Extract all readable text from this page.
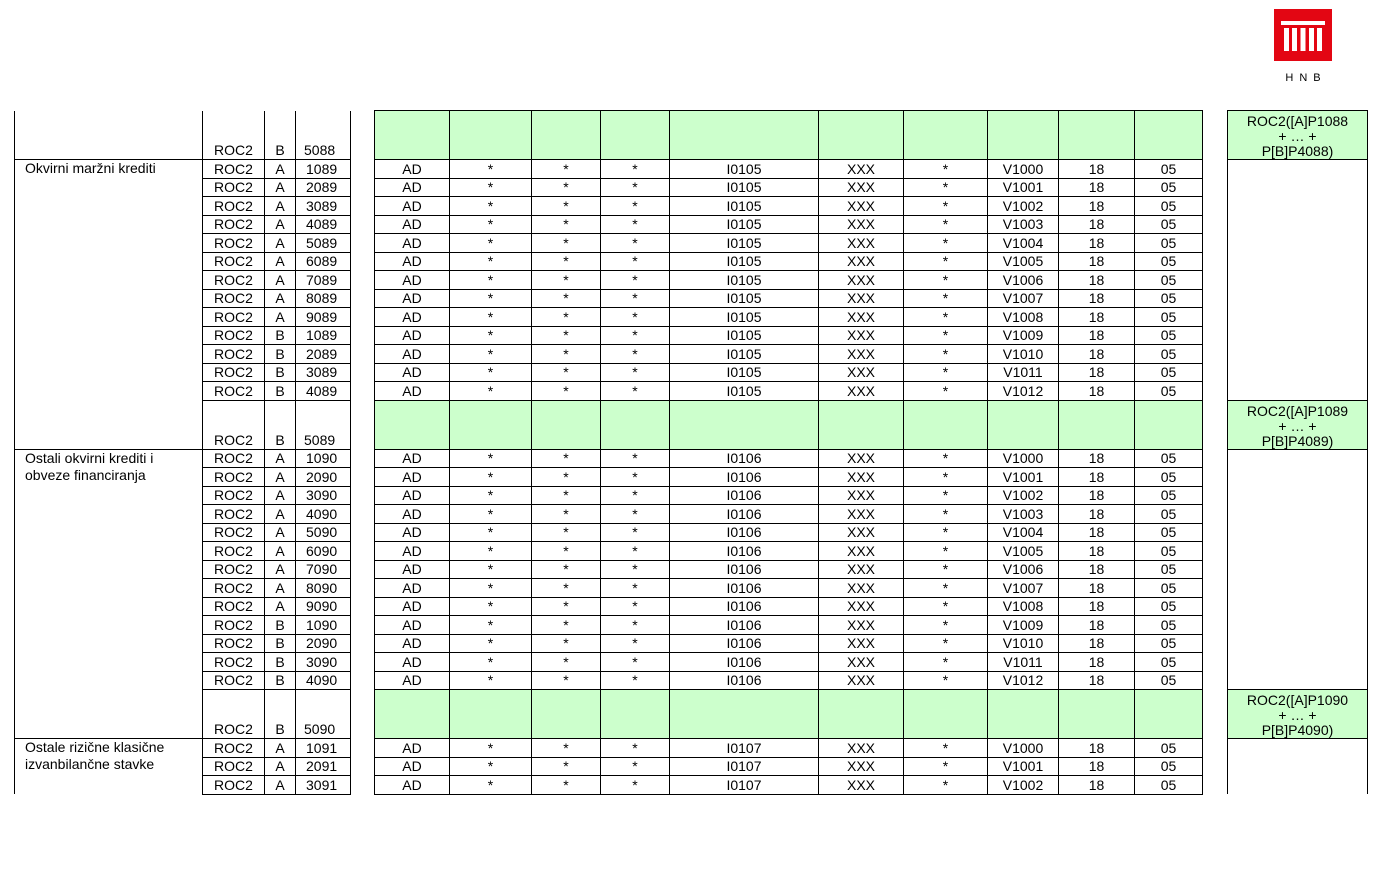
HNB
	ROC2	B	5088													ROC2([A]P1088
+ … +
P[B]P4088)

Okvirni maržni krediti	ROC2	A	1089		AD	*	*	*	I0105	XXX	*	V1000	18	05		
	ROC2	A	2089		AD	*	*	*	I0105	XXX	*	V1001	18	05		
	ROC2	A	3089		AD	*	*	*	I0105	XXX	*	V1002	18	05		
	ROC2	A	4089		AD	*	*	*	I0105	XXX	*	V1003	18	05		
	ROC2	A	5089		AD	*	*	*	I0105	XXX	*	V1004	18	05		
	ROC2	A	6089		AD	*	*	*	I0105	XXX	*	V1005	18	05		
	ROC2	A	7089		AD	*	*	*	I0105	XXX	*	V1006	18	05		
	ROC2	A	8089		AD	*	*	*	I0105	XXX	*	V1007	18	05		
	ROC2	A	9089		AD	*	*	*	I0105	XXX	*	V1008	18	05		
	ROC2	B	1089		AD	*	*	*	I0105	XXX	*	V1009	18	05		
	ROC2	B	2089		AD	*	*	*	I0105	XXX	*	V1010	18	05		
	ROC2	B	3089		AD	*	*	*	I0105	XXX	*	V1011	18	05		
	ROC2	B	4089		AD	*	*	*	I0105	XXX	*	V1012	18	05		
	ROC2	B	5089													ROC2([A]P1089
+ … +
P[B]P4089)

Ostali okvirni krediti i obveze financiranja	ROC2	A	1090		AD	*	*	*	I0106	XXX	*	V1000	18	05		
	ROC2	A	2090		AD	*	*	*	I0106	XXX	*	V1001	18	05		
	ROC2	A	3090		AD	*	*	*	I0106	XXX	*	V1002	18	05		
	ROC2	A	4090		AD	*	*	*	I0106	XXX	*	V1003	18	05		
	ROC2	A	5090		AD	*	*	*	I0106	XXX	*	V1004	18	05		
	ROC2	A	6090		AD	*	*	*	I0106	XXX	*	V1005	18	05		
	ROC2	A	7090		AD	*	*	*	I0106	XXX	*	V1006	18	05		
	ROC2	A	8090		AD	*	*	*	I0106	XXX	*	V1007	18	05		
	ROC2	A	9090		AD	*	*	*	I0106	XXX	*	V1008	18	05		
	ROC2	B	1090		AD	*	*	*	I0106	XXX	*	V1009	18	05		
	ROC2	B	2090		AD	*	*	*	I0106	XXX	*	V1010	18	05		
	ROC2	B	3090		AD	*	*	*	I0106	XXX	*	V1011	18	05		
	ROC2	B	4090		AD	*	*	*	I0106	XXX	*	V1012	18	05		
	ROC2	B	5090													ROC2([A]P1090
+ … +
P[B]P4090)

Ostale rizične klasične izvanbilančne stavke	ROC2	A	1091		AD	*	*	*	I0107	XXX	*	V1000	18	05		
	ROC2	A	2091		AD	*	*	*	I0107	XXX	*	V1001	18	05		
	ROC2	A	3091		AD	*	*	*	I0107	XXX	*	V1002	18	05		
